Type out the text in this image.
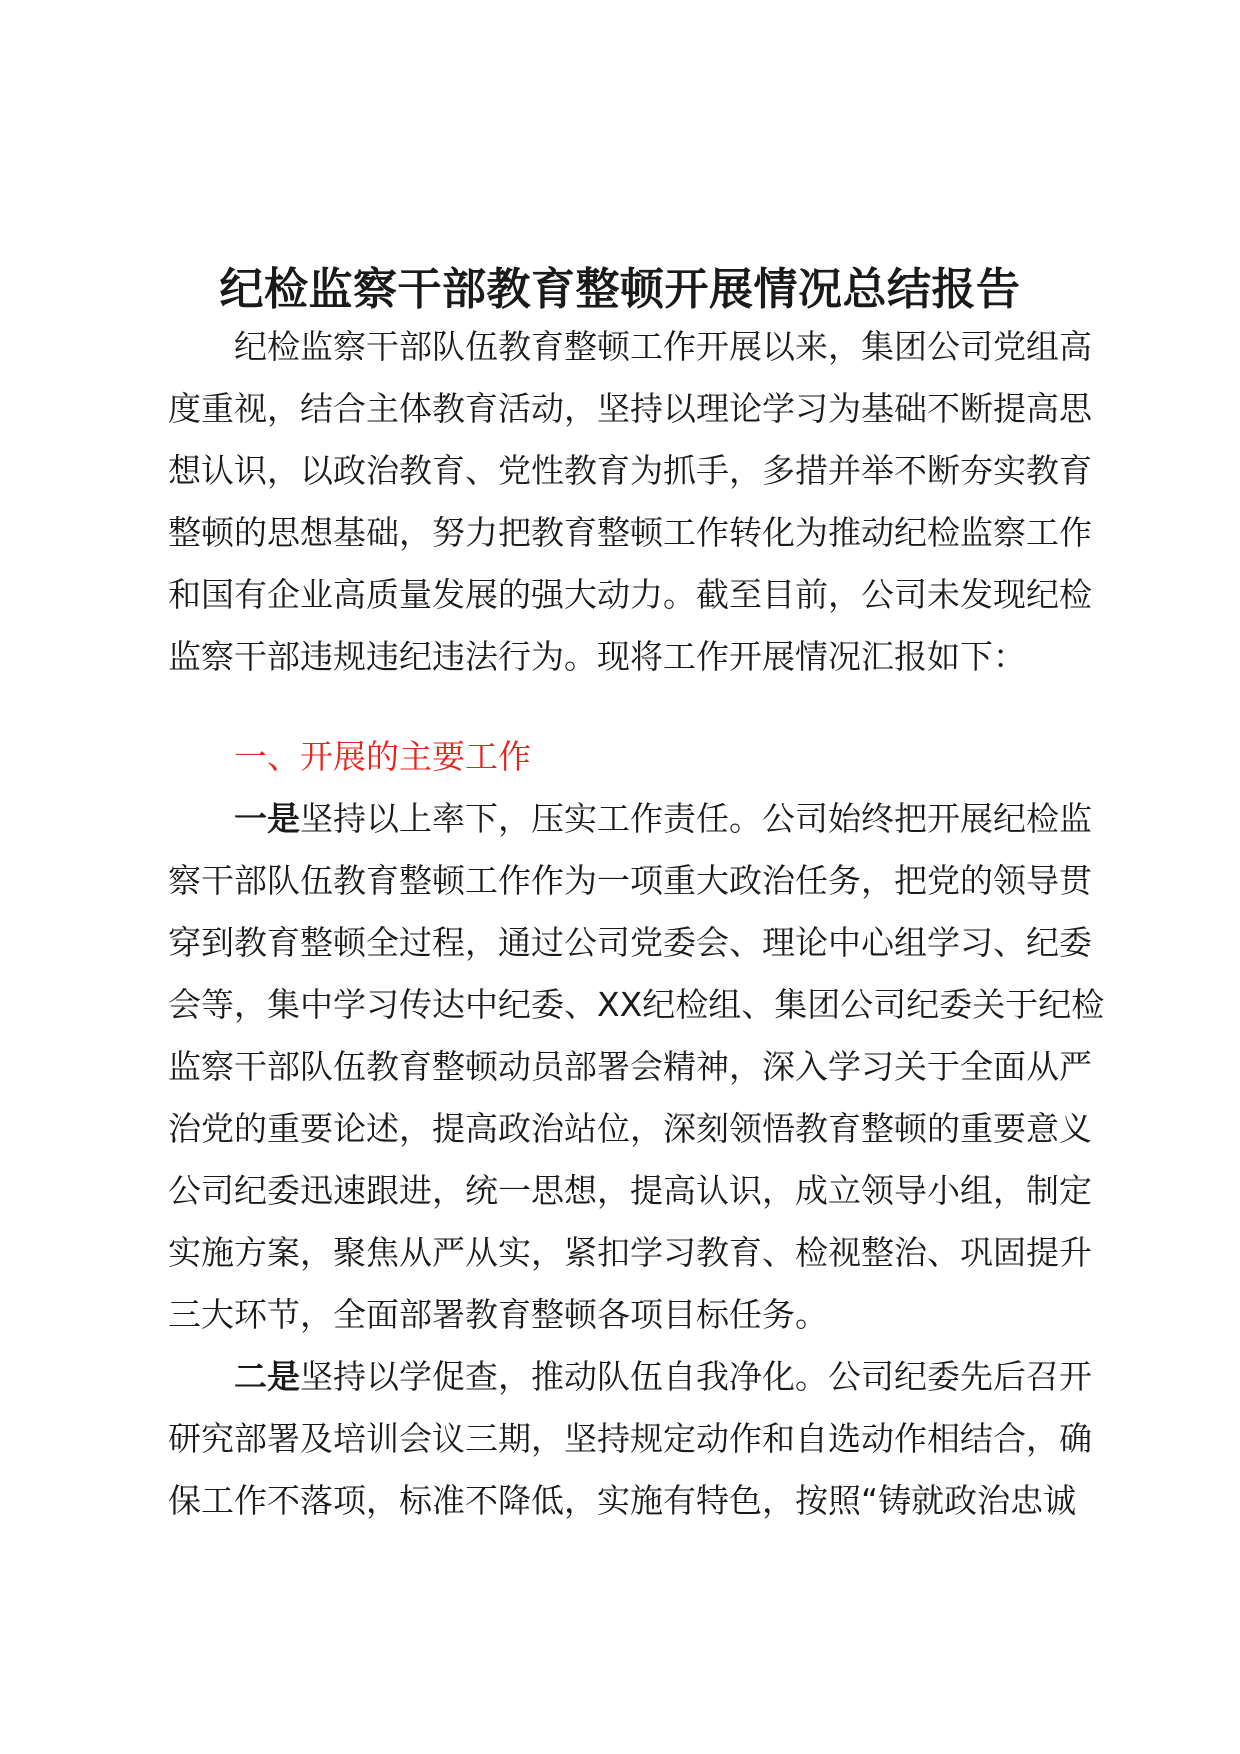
纪检监察干部教育整顿开展情况总结报告
纪检监察干部队伍教育整顿工作开展以来，集团公司党组高
度重视，结合主体教育活动，坚持以理论学习为基础不断提高思
想认识，以政治教育、党性教育为抓手，多措并举不断夯实教育
整顿的思想基础，努力把教育整顿工作转化为推动纪检监察工作
和国有企业高质量发展的强大动力。截至目前，公司未发现纪检
监察干部违规违纪违法行为。现将工作开展情况汇报如下：
一、开展的主要工作
一是坚持以上率下，压实工作责任。公司始终把开展纪检监
察干部队伍教育整顿工作作为一项重大政治任务，把党的领导贯
穿到教育整顿全过程，通过公司党委会、理论中心组学习、纪委
会等，集中学习传达中纪委、XX纪检组、集团公司纪委关于纪检
监察干部队伍教育整顿动员部署会精神，深入学习关于全面从严
治党的重要论述，提高政治站位，深刻领悟教育整顿的重要意义
公司纪委迅速跟进，统一思想，提高认识，成立领导小组，制定
实施方案，聚焦从严从实，紧扣学习教育、检视整治、巩固提升
三大环节，全面部署教育整顿各项目标任务。
二是坚持以学促查，推动队伍自我净化。公司纪委先后召开
研究部署及培训会议三期，坚持规定动作和自选动作相结合，确
保工作不落项，标准不降低，实施有特色，按照“铸就政治忠诚
